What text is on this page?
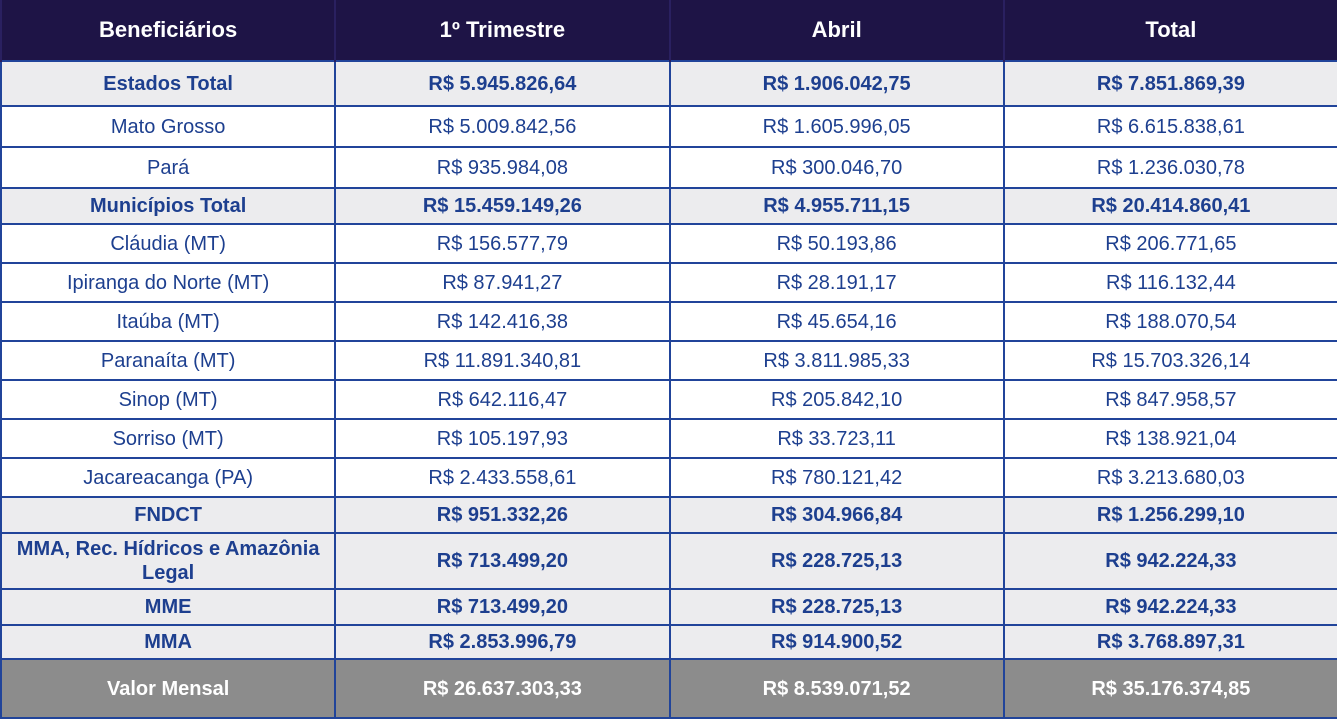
Beneficiários	1º Trimestre	Abril	Total
Estados Total	R$ 5.945.826,64	R$ 1.906.042,75	R$ 7.851.869,39
Mato Grosso	R$ 5.009.842,56	R$ 1.605.996,05	R$ 6.615.838,61
Pará	R$ 935.984,08	R$ 300.046,70	R$ 1.236.030,78
Municípios Total	R$ 15.459.149,26	R$ 4.955.711,15	R$ 20.414.860,41
Cláudia (MT)	R$ 156.577,79	R$ 50.193,86	R$ 206.771,65
Ipiranga do Norte (MT)	R$ 87.941,27	R$ 28.191,17	R$ 116.132,44
Itaúba (MT)	R$ 142.416,38	R$ 45.654,16	R$ 188.070,54
Paranaíta (MT)	R$ 11.891.340,81	R$ 3.811.985,33	R$ 15.703.326,14
Sinop (MT)	R$ 642.116,47	R$ 205.842,10	R$ 847.958,57
Sorriso (MT)	R$ 105.197,93	R$ 33.723,11	R$ 138.921,04
Jacareacanga (PA)	R$ 2.433.558,61	R$ 780.121,42	R$ 3.213.680,03
FNDCT	R$ 951.332,26	R$ 304.966,84	R$ 1.256.299,10
MMA, Rec. Hídricos e Amazônia Legal	R$ 713.499,20	R$ 228.725,13	R$ 942.224,33
MME	R$ 713.499,20	R$ 228.725,13	R$ 942.224,33
MMA	R$ 2.853.996,79	R$ 914.900,52	R$ 3.768.897,31
Valor Mensal	R$ 26.637.303,33	R$ 8.539.071,52	R$ 35.176.374,85
